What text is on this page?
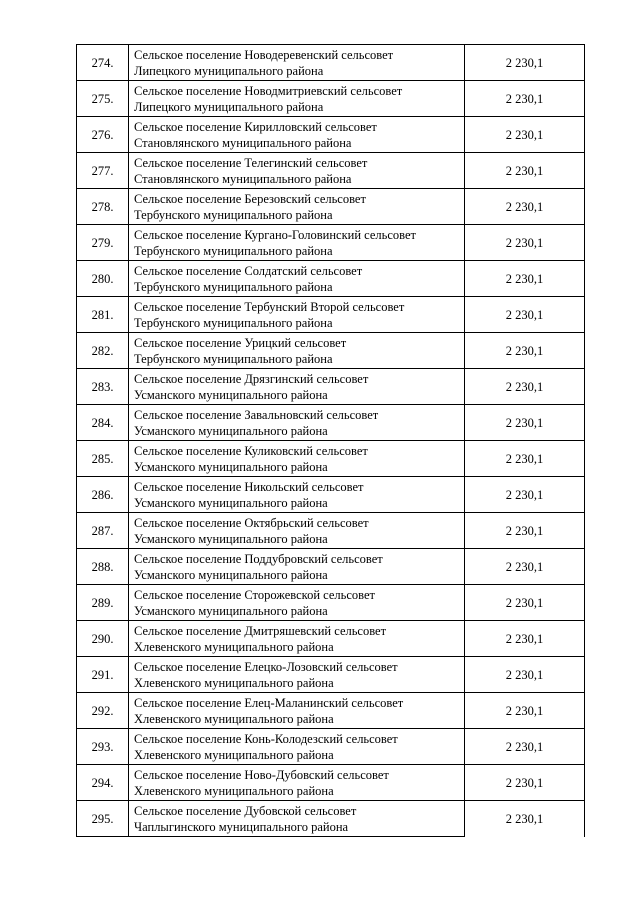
274.	Сельское поселение Новодеревенский сельсовет
Липецкого муниципального района	2 230,1
275.	Сельское поселение Новодмитриевский сельсовет
Липецкого муниципального района	2 230,1
276.	Сельское поселение Кирилловский сельсовет
Становлянского муниципального района	2 230,1
277.	Сельское поселение Телегинский сельсовет
Становлянского муниципального района	2 230,1
278.	Сельское поселение Березовский сельсовет
Тербунского муниципального района	2 230,1
279.	Сельское поселение Кургано-Головинский сельсовет
Тербунского муниципального района	2 230,1
280.	Сельское поселение Солдатский сельсовет
Тербунского муниципального района	2 230,1
281.	Сельское поселение Тербунский Второй сельсовет
Тербунского муниципального района	2 230,1
282.	Сельское поселение Урицкий сельсовет
Тербунского муниципального района	2 230,1
283.	Сельское поселение Дрязгинский сельсовет
Усманского муниципального района	2 230,1
284.	Сельское поселение Завальновский сельсовет
Усманского муниципального района	2 230,1
285.	Сельское поселение Куликовский сельсовет
Усманского муниципального района	2 230,1
286.	Сельское поселение Никольский сельсовет
Усманского муниципального района	2 230,1
287.	Сельское поселение Октябрьский сельсовет
Усманского муниципального района	2 230,1
288.	Сельское поселение Поддубровский сельсовет
Усманского муниципального района	2 230,1
289.	Сельское поселение Сторожевской сельсовет
Усманского муниципального района	2 230,1
290.	Сельское поселение Дмитряшевский сельсовет
Хлевенского муниципального района	2 230,1
291.	Сельское поселение Елецко-Лозовский сельсовет
Хлевенского муниципального района	2 230,1
292.	Сельское поселение Елец-Маланинский сельсовет
Хлевенского муниципального района	2 230,1
293.	Сельское поселение Конь-Колодезский сельсовет
Хлевенского муниципального района	2 230,1
294.	Сельское поселение Ново-Дубовский сельсовет
Хлевенского муниципального района	2 230,1
295.	Сельское поселение Дубовской сельсовет
Чаплыгинского муниципального района	2 230,1
